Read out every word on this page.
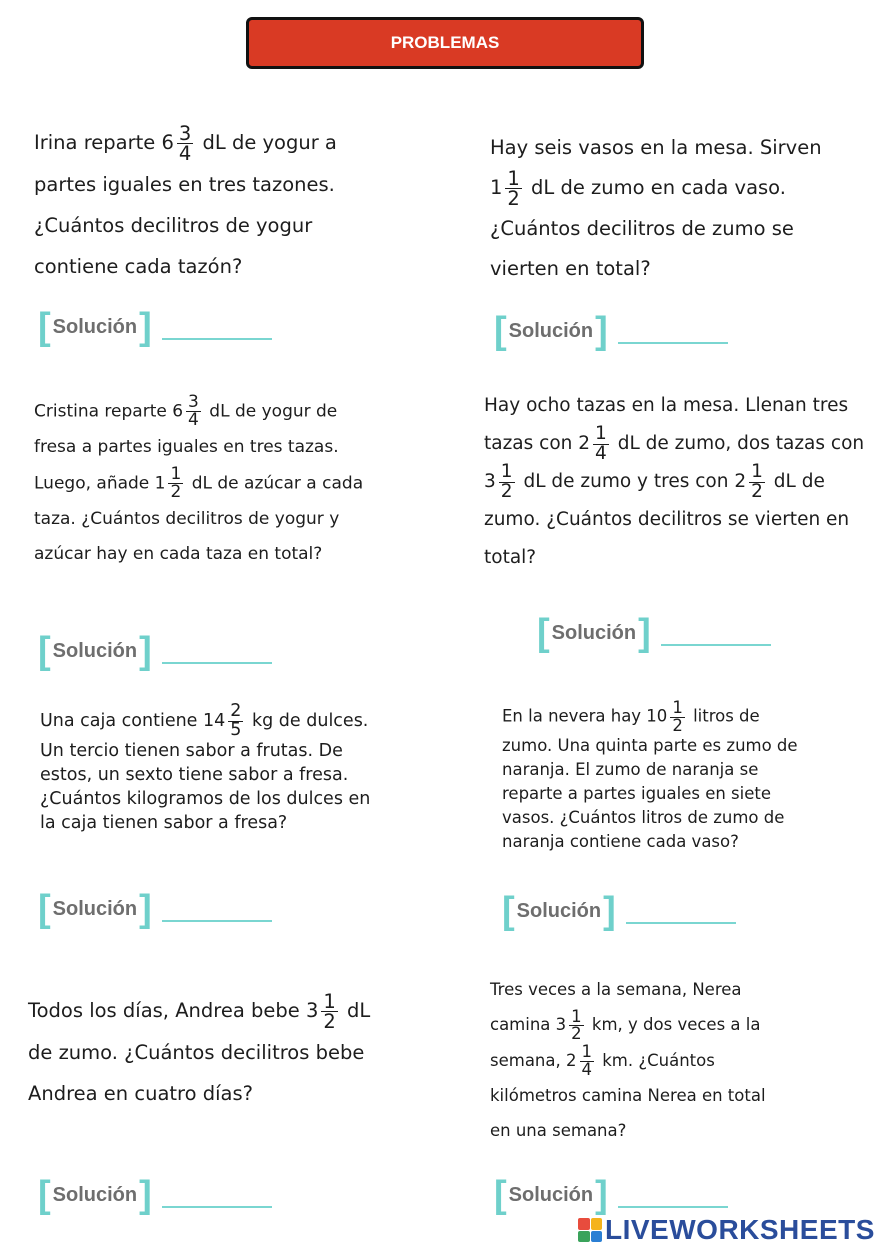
PROBLEMAS
Irina reparte $6 \frac{3}{4}$ dL de yogur a partes iguales en tres tazones. ¿Cuántos decilitros de yogur contiene cada tazón?
[ Solución ]
Hay seis vasos en la mesa. Sirven $1 \frac{1}{2}$ dL de zumo en cada vaso. ¿Cuántos decilitros de zumo se vierten en total?
[ Solución ]
Cristina reparte $6 \frac{3}{4}$ dL de yogur de fresa a partes iguales en tres tazas. Luego, añade $1 \frac{1}{2}$ dL de azúcar a cada taza. ¿Cuántos decilitros de yogur y azúcar hay en cada taza en total?
[ Solución ]
Hay ocho tazas en la mesa. Llenan tres tazas con $2 \frac{1}{4}$ dL de zumo, dos tazas con $3 \frac{1}{2}$ dL de zumo y tres con $2 \frac{1}{2}$ dL de zumo. ¿Cuántos decilitros se vierten en total?
[ Solución ]
Una caja contiene $14 \frac{2}{5}$ kg de dulces. Un tercio tienen sabor a frutas. De estos, un sexto tiene sabor a fresa. ¿Cuántos kilogramos de los dulces en la caja tienen sabor a fresa?
[ Solución ]
En la nevera hay $10 \frac{1}{2}$ litros de zumo. Una quinta parte es zumo de naranja. El zumo de naranja se reparte a partes iguales en siete vasos. ¿Cuántos litros de zumo de naranja contiene cada vaso?
[ Solución ]
Todos los días, Andrea bebe $3 \frac{1}{2}$ dL de zumo. ¿Cuántos decilitros bebe Andrea en cuatro días?
[ Solución ]
Tres veces a la semana, Nerea camina $3 \frac{1}{2}$ km, y dos veces a la semana, $2 \frac{1}{4}$ km. ¿Cuántos kilómetros camina Nerea en total en una semana?
[ Solución ]
LIVEWORKSHEETS
